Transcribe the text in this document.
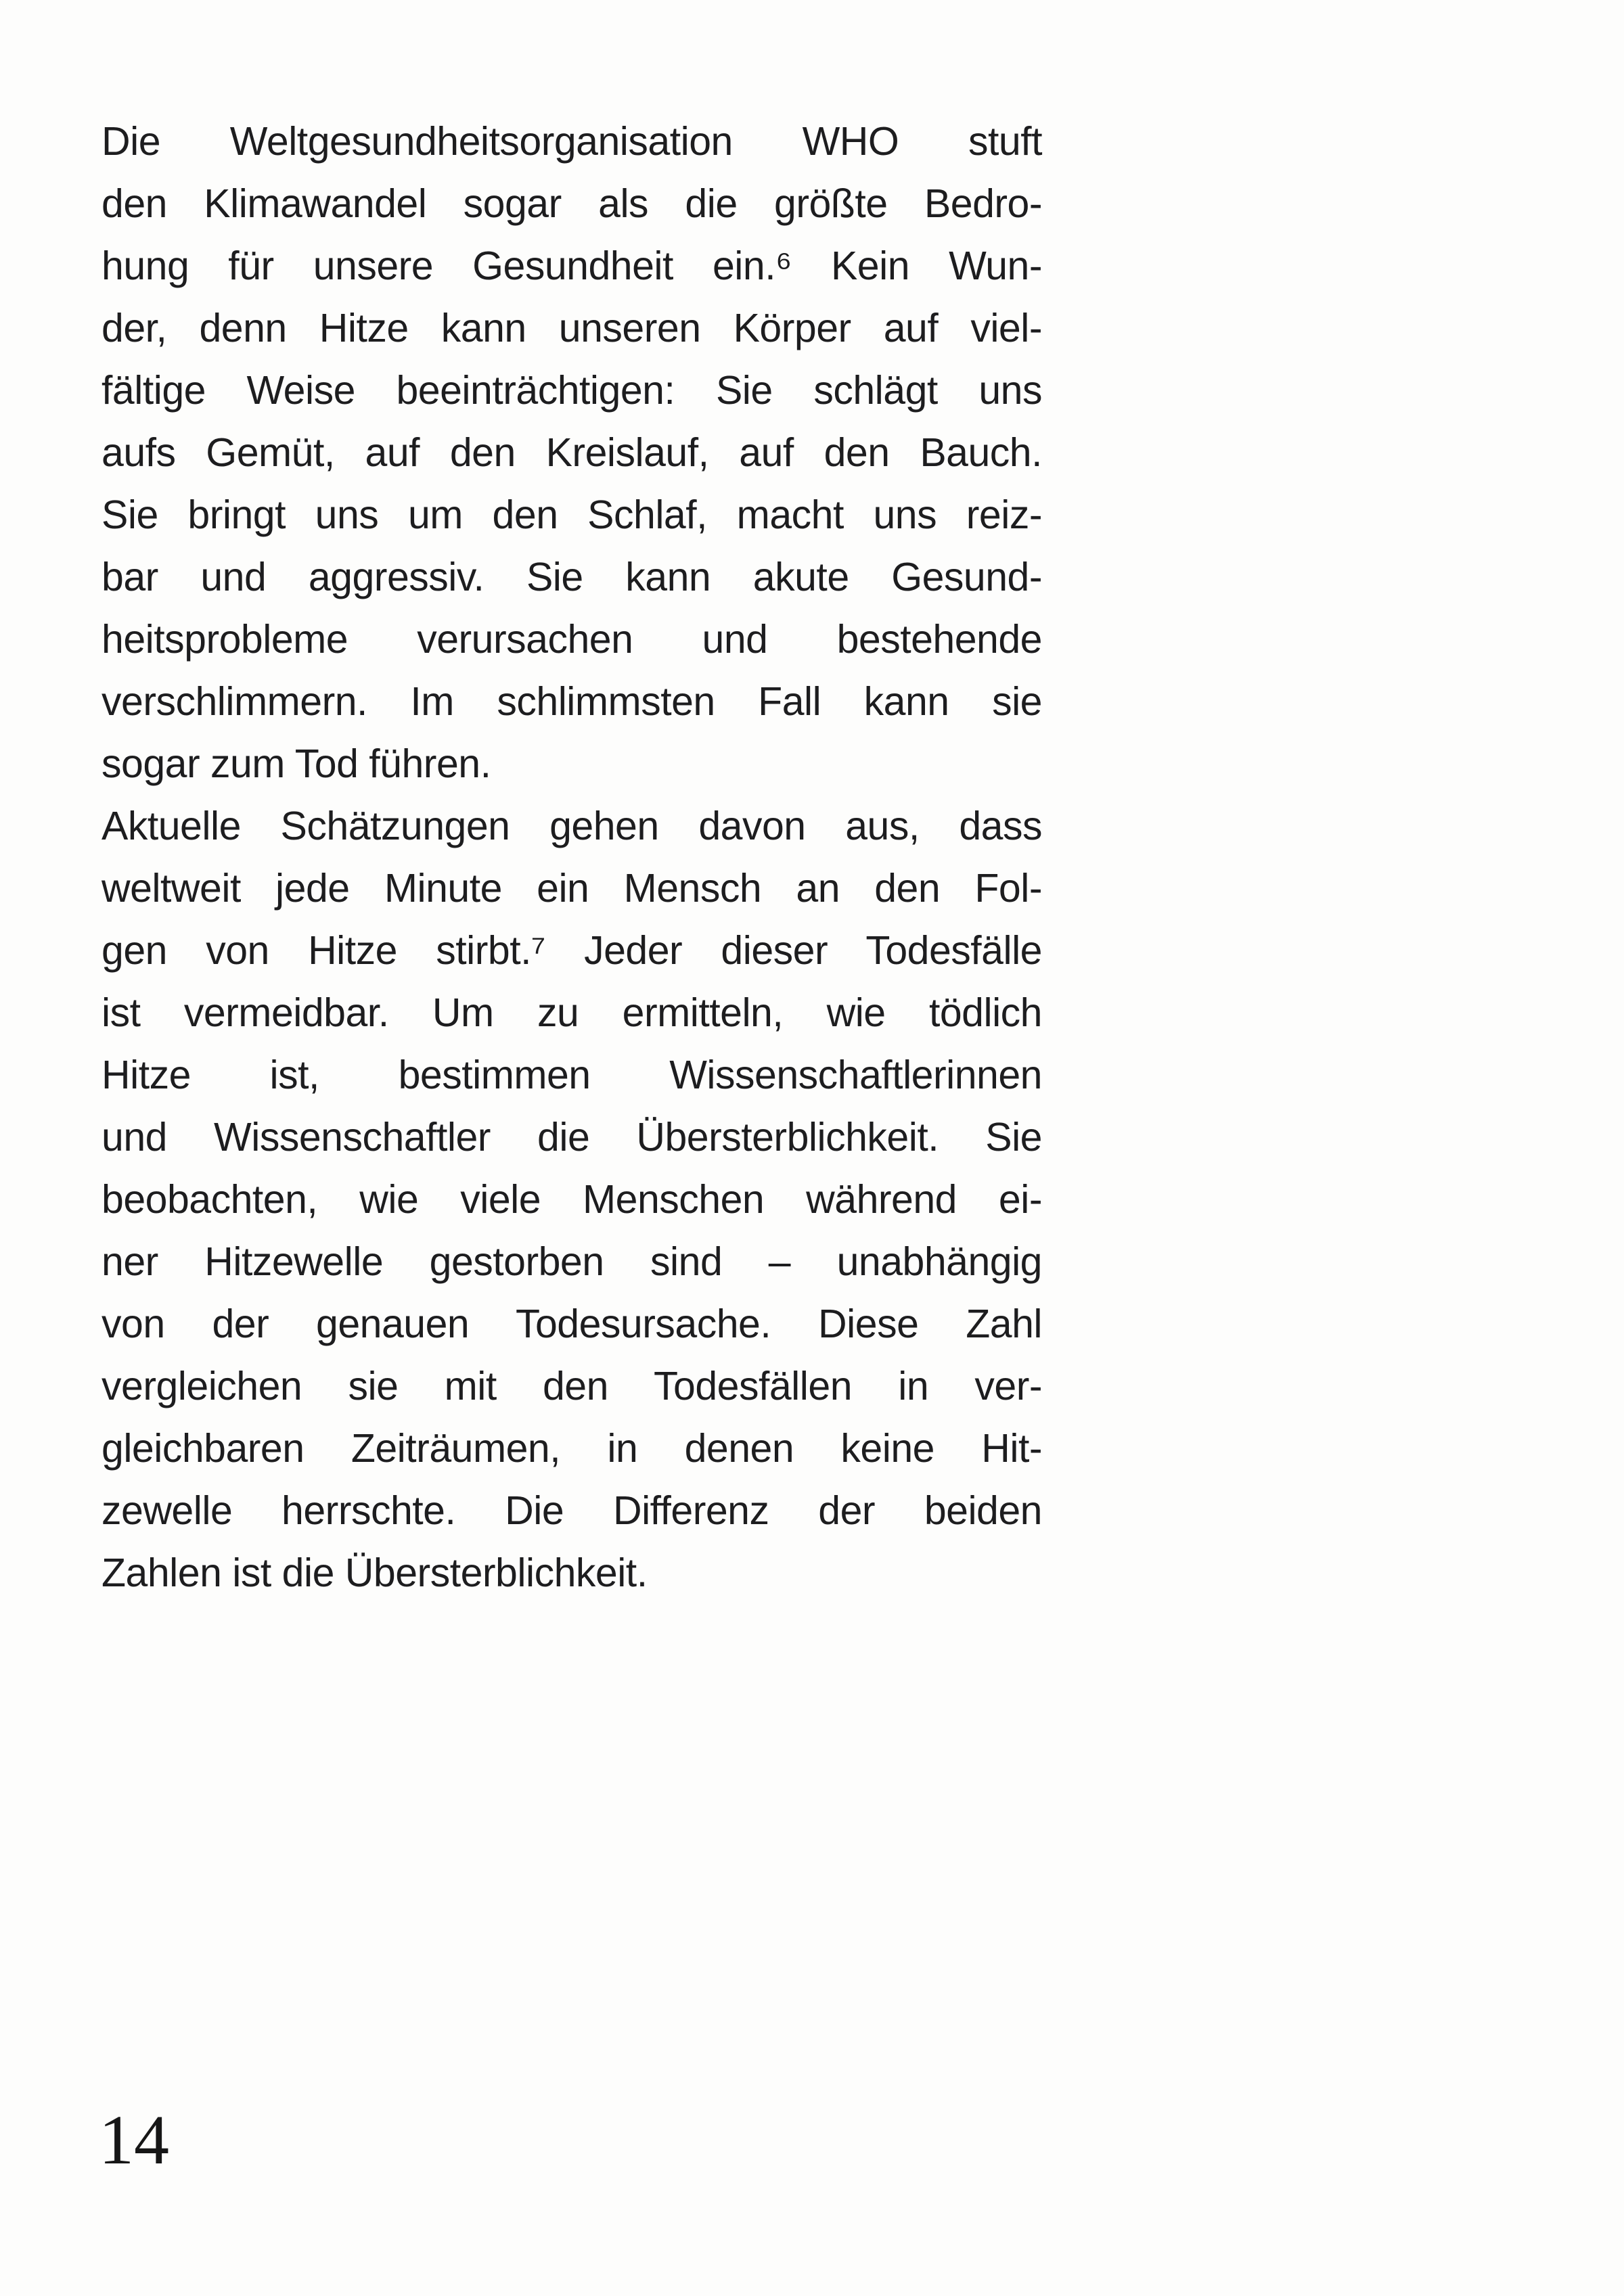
Die Weltgesundheitsorganisation WHO stuft
den Klimawandel sogar als die größte Bedro-
hung für unsere Gesundheit ein.⁶ Kein Wun-
der, denn Hitze kann unseren Körper auf viel-
fältige Weise beeinträchtigen: Sie schlägt uns
aufs Gemüt, auf den Kreislauf, auf den Bauch.
Sie bringt uns um den Schlaf, macht uns reiz-
bar und aggressiv. Sie kann akute Gesund-
heitsprobleme verursachen und bestehende
verschlimmern. Im schlimmsten Fall kann sie
sogar zum Tod führen.
Aktuelle Schätzungen gehen davon aus, dass
weltweit jede Minute ein Mensch an den Fol-
gen von Hitze stirbt.⁷ Jeder dieser Todesfälle
ist vermeidbar. Um zu ermitteln, wie tödlich
Hitze ist, bestimmen Wissenschaftlerinnen
und Wissenschaftler die Übersterblichkeit. Sie
beobachten, wie viele Menschen während ei-
ner Hitzewelle gestorben sind – unabhängig
von der genauen Todesursache. Diese Zahl
vergleichen sie mit den Todesfällen in ver-
gleichbaren Zeiträumen, in denen keine Hit-
zewelle herrschte. Die Differenz der beiden
Zahlen ist die Übersterblichkeit.
14
